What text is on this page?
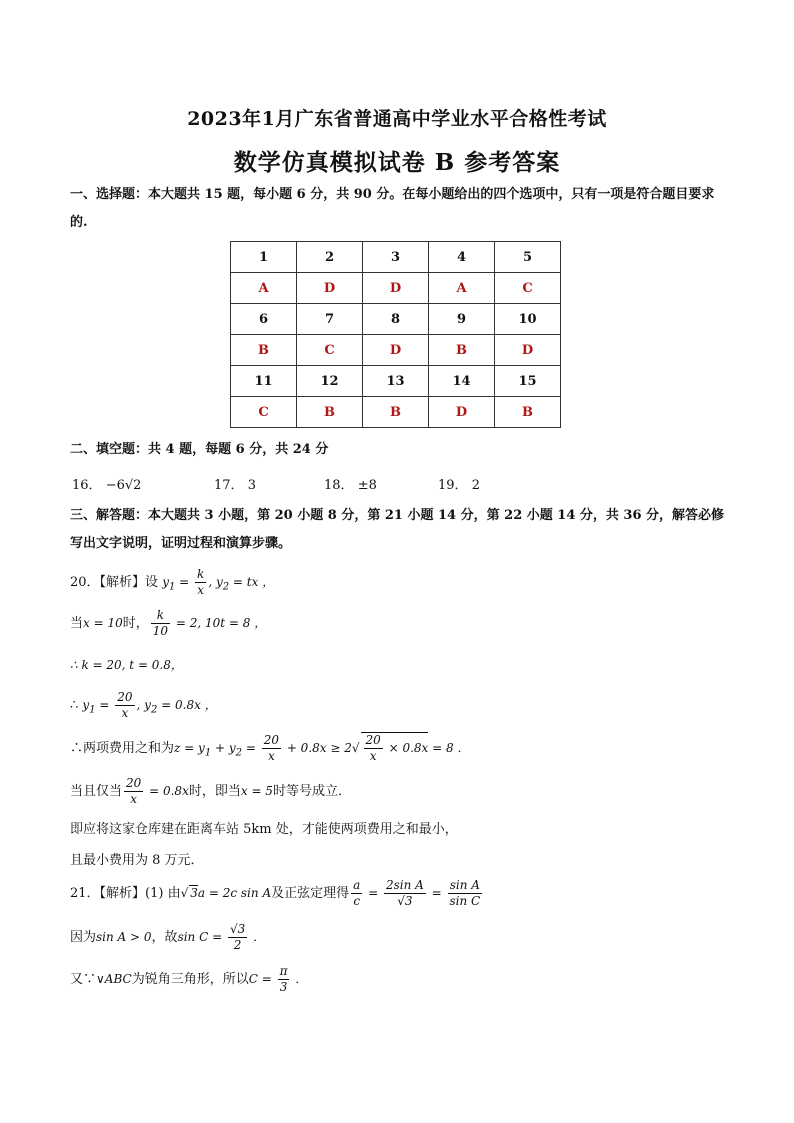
2023年1月广东省普通高中学业水平合格性考试
数学仿真模拟试卷 B 参考答案
一、选择题：本大题共 15 题，每小题 6 分，共 90 分。在每小题给出的四个选项中，只有一项是符合题目要求的.
1	2	3	4	5
A	D	D	A	C
6	7	8	9	10
B	C	D	B	D
11	12	13	14	15
C	B	B	D	B
二、填空题：共 4 题，每题 6 分，共 24 分
16． −6√2	17． 3	18． ±8	19． 2
三、解答题：本大题共 3 小题，第 20 小题 8 分，第 21 小题 14 分，第 22 小题 14 分，共 36 分，解答必修写出文字说明，证明过程和演算步骤。
20．【解析】设 $y_1 = \frac{k}{x}$ , $y_2$ = tx ，
当x = 10时， $\frac{k}{10} = 2$, 10t = 8 ，
∴ k = 20, t = 0.8，
∴ $y_1 = \frac{20}{x}$ , $y_2 = 0.8x$ ，
∴两项费用之和为$z = y_1 + y_2 = \frac{20}{x} + 0.8x \ge 2√ \frac{20}{x} \times 0.8x = 8$ ．
当且仅当 $\frac{20}{x} = 0.8x$时，即当x = 5时等号成立．
即应将这家仓库建在距离车站 5km 处，才能使两项费用之和最小，
且最小费用为 8 万元．
21．【解析】(1) 由√ 3a = 2c sin A及正弦定理得 $\frac{a}{c} = \frac{\text{2sin A}}{√3} = \frac{\text{sin A}}{\text{sin C}}$
因为sin A > 0，故$\sin C = \frac{√3}{2}$ ．
又∵∨ABC为锐角三角形，所以$C = \frac{\pi}{3}$ ．
